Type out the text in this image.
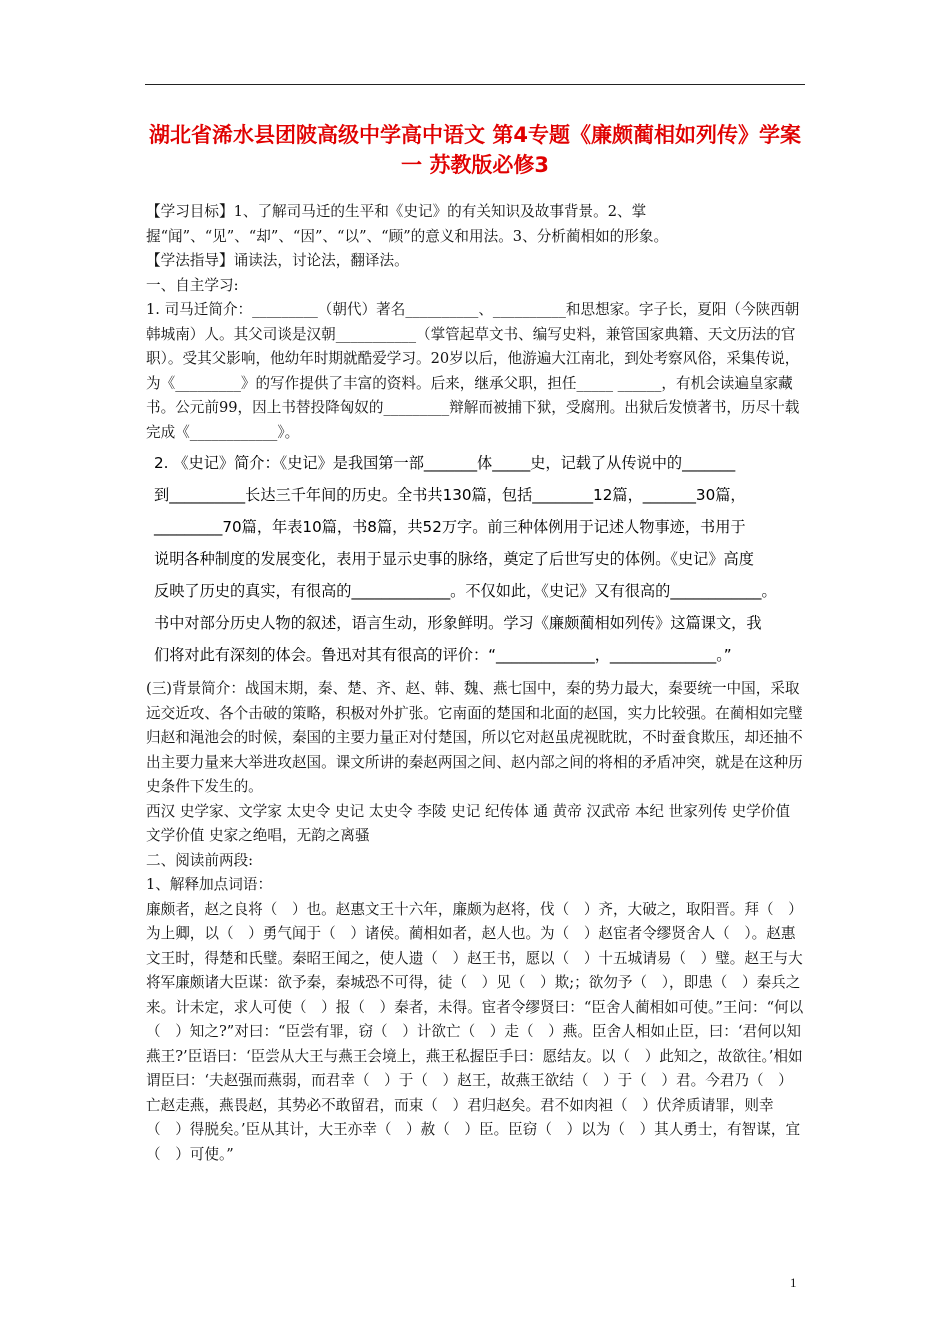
湖北省浠水县团陂高级中学高中语文 第4专题《廉颇蔺相如列传》学案一 苏教版必修3

【学习目标】1、了解司马迁的生平和《史记》的有关知识及故事背景。2、掌握“闻”、“见”、“却”、“因”、“以”、“顾”的意义和用法。3、分析蔺相如的形象。

【学法指导】诵读法，讨论法，翻译法。

一、自主学习:

1. 司马迁简介：_________（朝代）著名__________、__________和思想家。字子长，夏阳（今陕西朝韩城南）人。其父司谈是汉朝___________（掌管起草文书、编写史料，兼管国家典籍、天文历法的官职）。受其父影响，他幼年时期就酷爱学习。20岁以后，他游遍大江南北，到处考察风俗，采集传说，为《_________》的写作提供了丰富的资料。后来，继承父职，担任_____ ______，有机会读遍皇家藏书。公元前99，因上书替投降匈奴的_________辩解而被捕下狱，受腐刑。出狱后发愤著书，历尽十载完成《____________》。

2. 《史记》简介：《史记》是我国第一部_______体_____史，记载了从传说中的_______

到__________长达三千年间的历史。全书共130篇，包括________12篇，_______30篇，

_________70篇，年表10篇，书8篇，共52万字。前三种体例用于记述人物事迹，书用于

说明各种制度的发展变化，表用于显示史事的脉络，奠定了后世写史的体例。《史记》高度

反映了历史的真实，有很高的_____________。不仅如此，《史记》又有很高的____________。

书中对部分历史人物的叙述，语言生动，形象鲜明。学习《廉颇蔺相如列传》这篇课文，我

们将对此有深刻的体会。鲁迅对其有很高的评价：“_____________，______________。”

(三)背景简介：战国末期，秦、楚、齐、赵、韩、魏、燕七国中，秦的势力最大，秦要统一中国，采取远交近攻、各个击破的策略，积极对外扩张。它南面的楚国和北面的赵国，实力比较强。在蔺相如完璧归赵和渑池会的时候，秦国的主要力量正对付楚国，所以它对赵虽虎视眈眈，不时蚕食欺压，却还抽不出主要力量来大举进攻赵国。课文所讲的秦赵两国之间、赵内部之间的将相的矛盾冲突，就是在这种历史条件下发生的。

西汉 史学家、文学家 太史令 史记 太史令 李陵 史记 纪传体 通 黄帝 汉武帝 本纪 世家列传 史学价值 文学价值 史家之绝唱，无韵之离骚

二、阅读前两段:

1、解释加点词语：

廉颇者，赵之良将（　）也。赵惠文王十六年，廉颇为赵将，伐（　）齐，大破之，取阳晋。拜（　）为上卿，以（　）勇气闻于（　）诸侯。蔺相如者，赵人也。为（　）赵宦者令缪贤舍人（　）。赵惠文王时，得楚和氏璧。秦昭王闻之，使人遗（　）赵王书，愿以（　）十五城请易（　）璧。赵王与大将军廉颇诸大臣谋：欲予秦，秦城恐不可得，徒（　）见（　）欺;；欲勿予（　），即患（　）秦兵之来。计未定，求人可使（　）报（　）秦者，未得。宦者令缪贤曰：“臣舍人蔺相如可使。”王问：“何以（　）知之?”对曰：“臣尝有罪，窃（　）计欲亡（　）走（　）燕。臣舍人相如止臣，曰：‘君何以知燕王?’臣语曰：‘臣尝从大王与燕王会境上，燕王私握臣手曰：愿结友。以（　）此知之，故欲往。’相如谓臣曰：‘夫赵强而燕弱，而君幸（　）于（　）赵王，故燕王欲结（　）于（　）君。今君乃（　）亡赵走燕，燕畏赵，其势必不敢留君，而束（　）君归赵矣。君不如肉袒（　）伏斧质请罪，则幸（　）得脱矣。’臣从其计，大王亦幸（　）赦（　）臣。臣窃（　）以为（　）其人勇士，有智谋，宜（　）可使。”

1
